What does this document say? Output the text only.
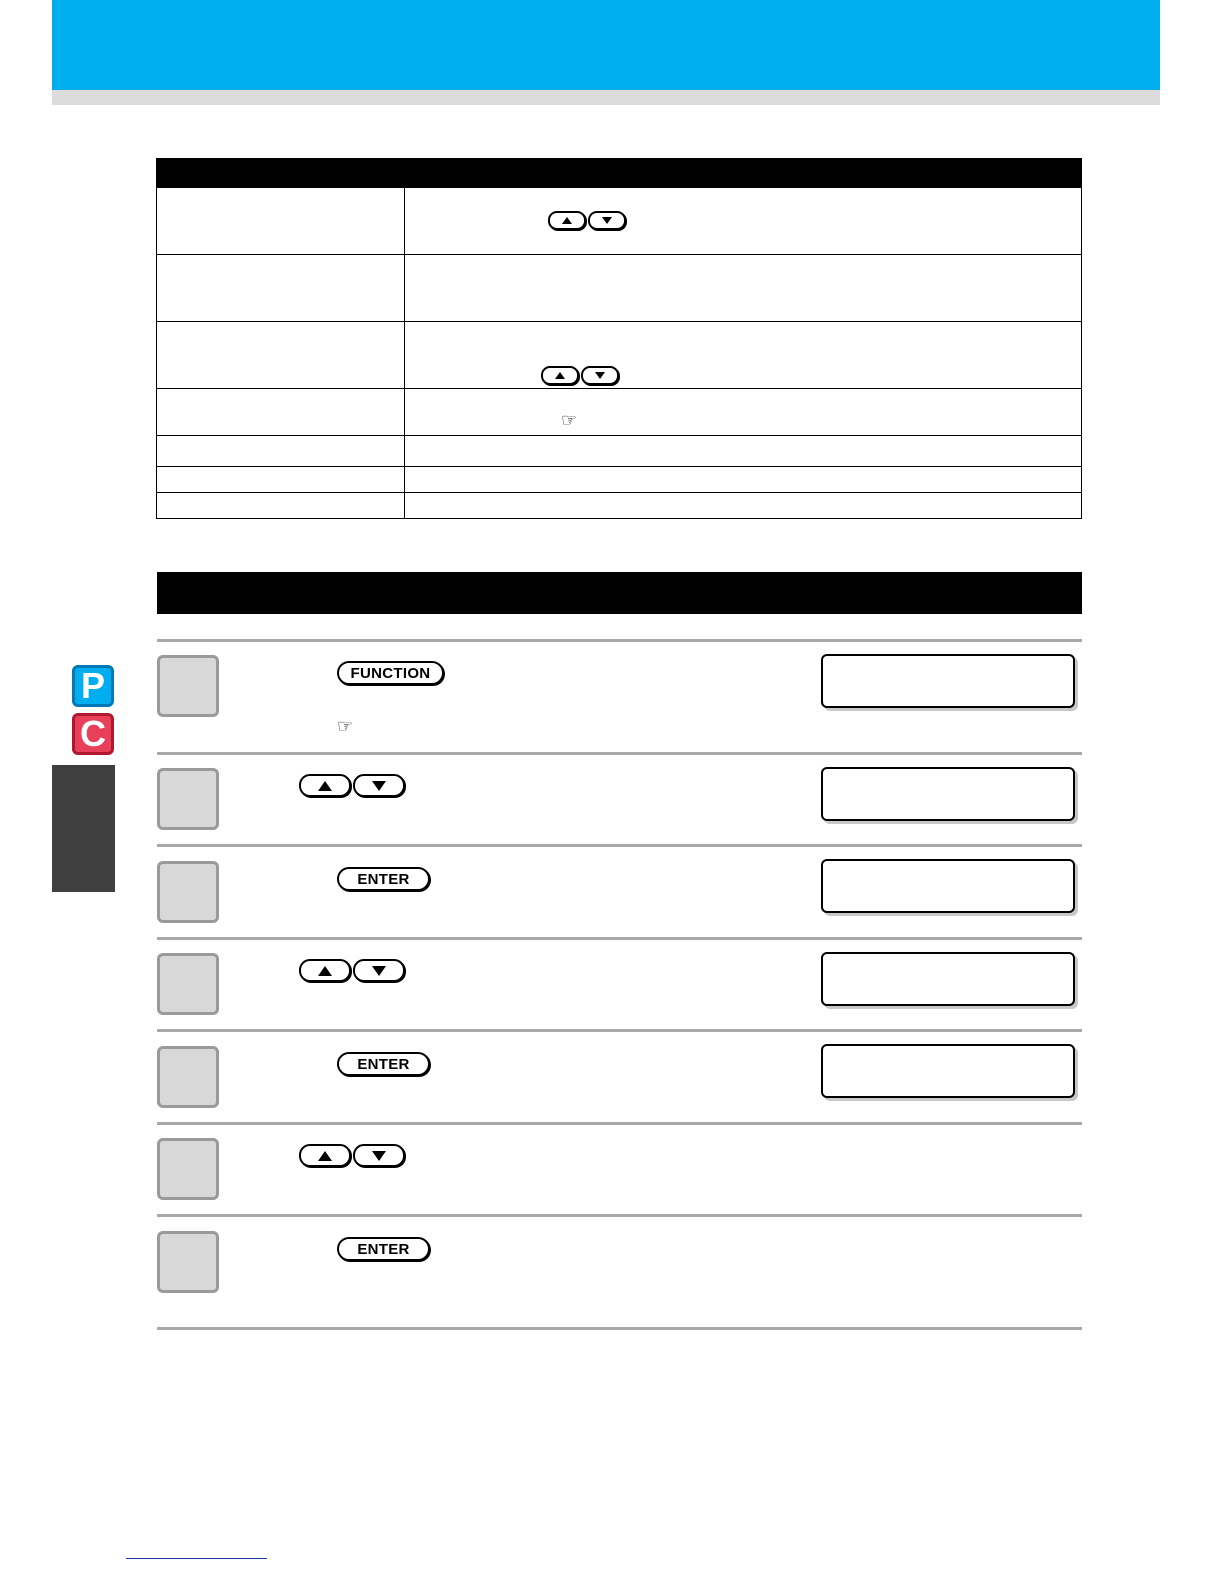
	☞

FUNCTION
☞
ENTER
ENTER
ENTER
P
C
